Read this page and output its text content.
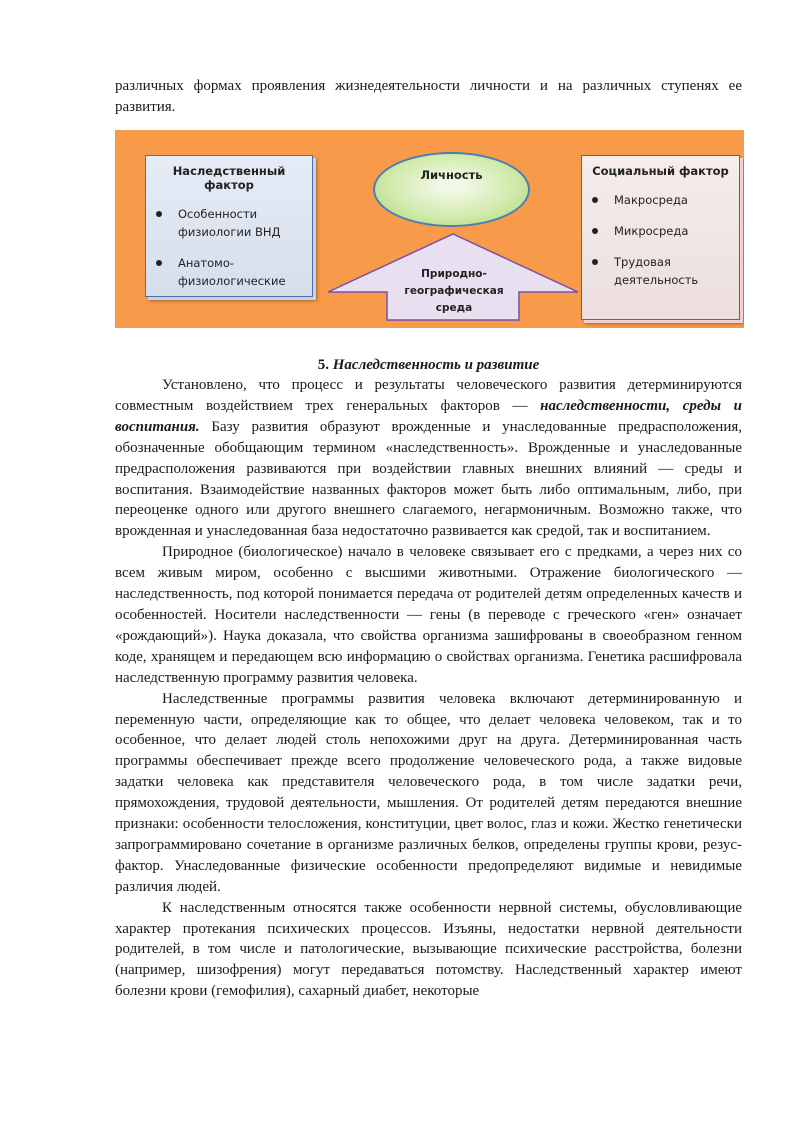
различных формах проявления жизнедеятельности личности и на различных ступенях ее развития.
Наследственный фактор
Особенности физиологии ВНД
Анатомо-физиологические
Личность
Природно-географическая среда
Социальный фактор
Макросреда
Микросреда
Трудовая деятельность
5. Наследственность и развитие

Установлено, что процесс и результаты человеческого развития детерминируются совместным воздействием трех генеральных факторов — наследственности, среды и воспитания. Базу развития образуют врожденные и унаследованные предрасположения, обозначенные обобщающим термином «наследственность». Врожденные и унаследованные предрасположения развиваются при воздействии главных внешних влияний — среды и воспитания. Взаимодействие названных факторов может быть либо оптимальным, либо, при переоценке одного или другого внешнего слагаемого, негармоничным. Возможно также, что врожденная и унаследованная база недостаточно развивается как средой, так и воспитанием.

Природное (биологическое) начало в человеке связывает его с предками, а через них со всем живым миром, особенно с высшими животными. Отражение биологического — наследственность, под которой понимается передача от родителей детям определенных качеств и особенностей. Носители наследственности — гены (в переводе с греческого «ген» означает «рождающий»). Наука доказала, что свойства организма зашифрованы в своеобразном генном коде, хранящем и передающем всю информацию о свойствах организма. Генетика расшифровала наследственную программу развития человека.

Наследственные программы развития человека включают детерминированную и переменную части, определяющие как то общее, что делает человека человеком, так и то особенное, что делает людей столь непохожими друг на друга. Детерминированная часть программы обеспечивает прежде всего продолжение человеческого рода, а также видовые задатки человека как представителя человеческого рода, в том числе задатки речи, прямохождения, трудовой деятельности, мышления. От родителей детям передаются внешние признаки: особенности телосложения, конституции, цвет волос, глаз и кожи. Жестко генетически запрограммировано сочетание в организме различных белков, определены группы крови, резус-фактор. Унаследованные физические особенности предопределяют видимые и невидимые различия людей.

К наследственным относятся также особенности нервной системы, обусловливающие характер протекания психических процессов. Изъяны, недостатки нервной деятельности родителей, в том числе и патологические, вызывающие психические расстройства, болезни (например, шизофрения) могут передаваться потомству. Наследственный характер имеют болезни крови (гемофилия), сахарный диабет, некоторые
